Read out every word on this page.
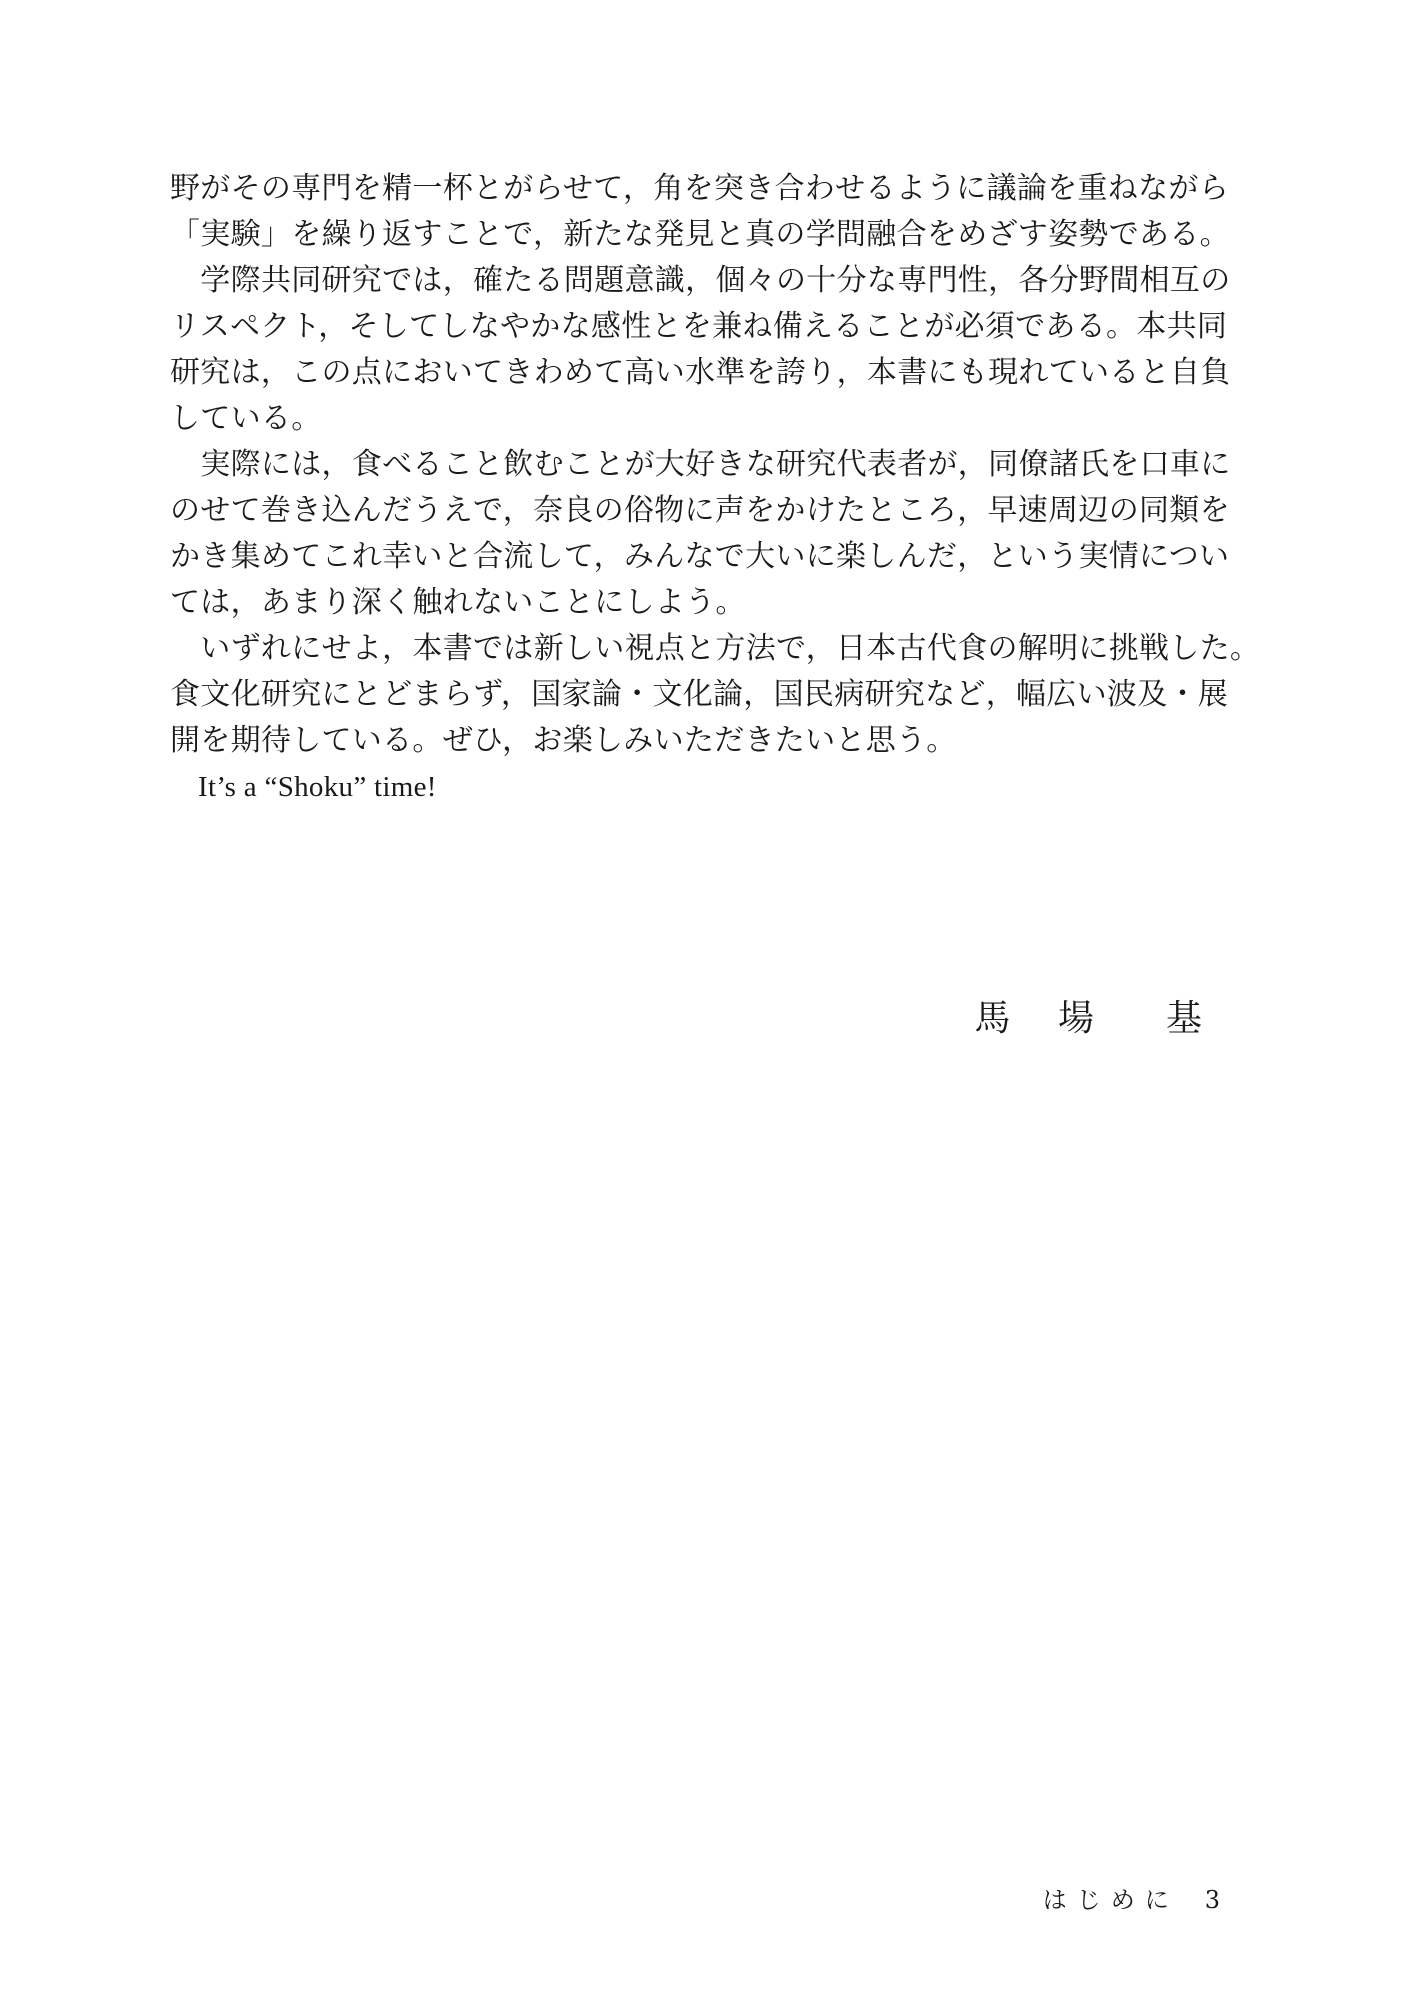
野がその専門を精一杯とがらせて，角を突き合わせるように議論を重ねながら

「実験」を繰り返すことで，新たな発見と真の学問融合をめざす姿勢である。

　学際共同研究では，確たる問題意識，個々の十分な専門性，各分野間相互の

リスペクト，そしてしなやかな感性とを兼ね備えることが必須である。本共同

研究は，この点においてきわめて高い水準を誇り，本書にも現れていると自負

している。

　実際には，食べること飲むことが大好きな研究代表者が，同僚諸氏を口車に

のせて巻き込んだうえで，奈良の俗物に声をかけたところ，早速周辺の同類を

かき集めてこれ幸いと合流して，みんなで大いに楽しんだ，という実情につい

ては，あまり深く触れないことにしよう。

　いずれにせよ，本書では新しい視点と方法で，日本古代食の解明に挑戦した。

食文化研究にとどまらず，国家論・文化論，国民病研究など，幅広い波及・展

開を期待している。ぜひ，お楽しみいただきたいと思う。

It’s a “Shoku” time!

馬 場　基
はじめに 3
